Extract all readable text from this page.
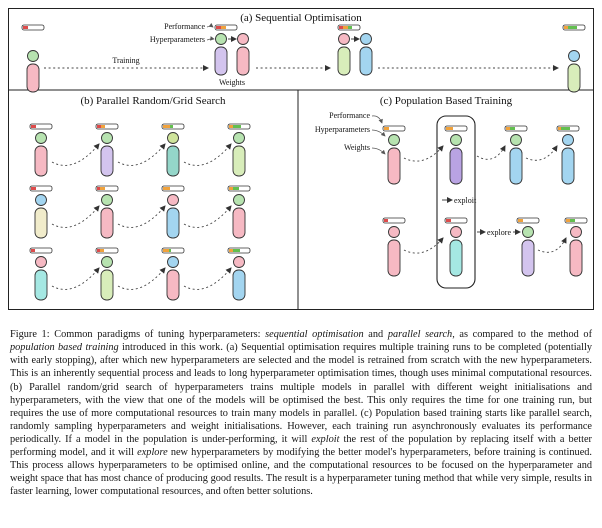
(a) Sequential Optimisation
Training
Performance
Hyperparameters
Weights
(b) Parallel Random/Grid Search	(c) Population Based Training
Performance
Hyperparameters
Weights
exploit
explore

Figure 1: Common paradigms of tuning hyperparameters: sequential optimisation and parallel search, as compared to the method of population based training introduced in this work. (a) Sequential optimisation requires multiple training runs to be completed (potentially with early stopping), after which new hyperparameters are selected and the model is retrained from scratch with the new hyperparameters. This is an inherently sequential process and leads to long hyperparameter optimisation times, though uses minimal computational resources. (b) Parallel random/grid search of hyperparameters trains multiple models in parallel with different weight initialisations and hyperparameters, with the view that one of the models will be optimised the best. This only requires the time for one training run, but requires the use of more computational resources to train many models in parallel. (c) Population based training starts like parallel search, randomly sampling hyperparameters and weight initialisations. However, each training run asynchronously evaluates its performance periodically. If a model in the population is under-performing, it will exploit the rest of the population by replacing itself with a better performing model, and it will explore new hyperparameters by modifying the better model's hyperparameters, before training is continued. This process allows hyperparameters to be optimised online, and the computational resources to be focused on the hyperparameter and weight space that has most chance of producing good results. The result is a hyperparameter tuning method that while very simple, results in faster learning, lower computational resources, and often better solutions.
